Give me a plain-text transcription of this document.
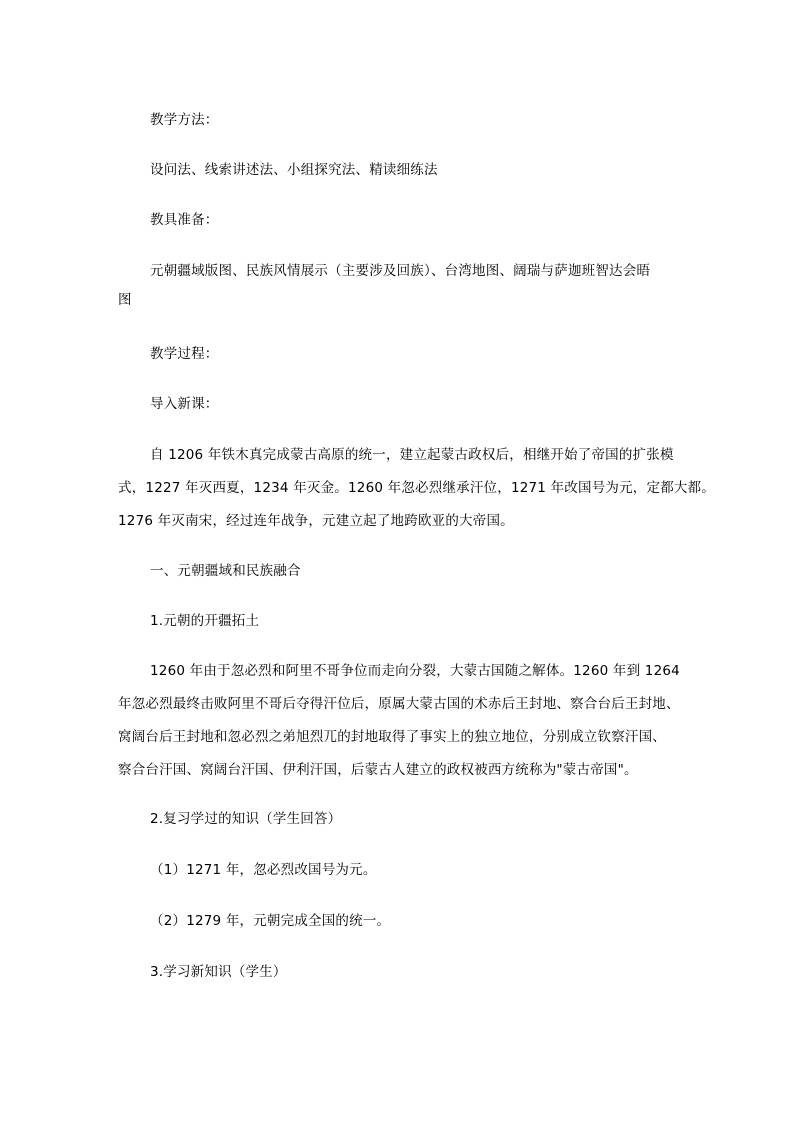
教学方法：
设问法、线索讲述法、小组探究法、精读细练法
教具准备：
元朝疆域版图、民族风情展示（主要涉及回族）、台湾地图、阔瑞与萨迦班智达会晤
图
教学过程：
导入新课：
自 1206 年铁木真完成蒙古高原的统一，建立起蒙古政权后，相继开始了帝国的扩张模
式，1227 年灭西夏，1234 年灭金。1260 年忽必烈继承汗位，1271 年改国号为元，定都大都。
1276 年灭南宋，经过连年战争，元建立起了地跨欧亚的大帝国。
一、元朝疆域和民族融合
1.元朝的开疆拓土
1260 年由于忽必烈和阿里不哥争位而走向分裂，大蒙古国随之解体。1260 年到 1264
年忽必烈最终击败阿里不哥后夺得汗位后，原属大蒙古国的术赤后王封地、察合台后王封地、
窝阔台后王封地和忽必烈之弟旭烈兀的封地取得了事实上的独立地位，分别成立钦察汗国、
察合台汗国、窝阔台汗国、伊利汗国，后蒙古人建立的政权被西方统称为"蒙古帝国"。
2.复习学过的知识（学生回答）
（1）1271 年，忽必烈改国号为元。
（2）1279 年，元朝完成全国的统一。
3.学习新知识（学生）
